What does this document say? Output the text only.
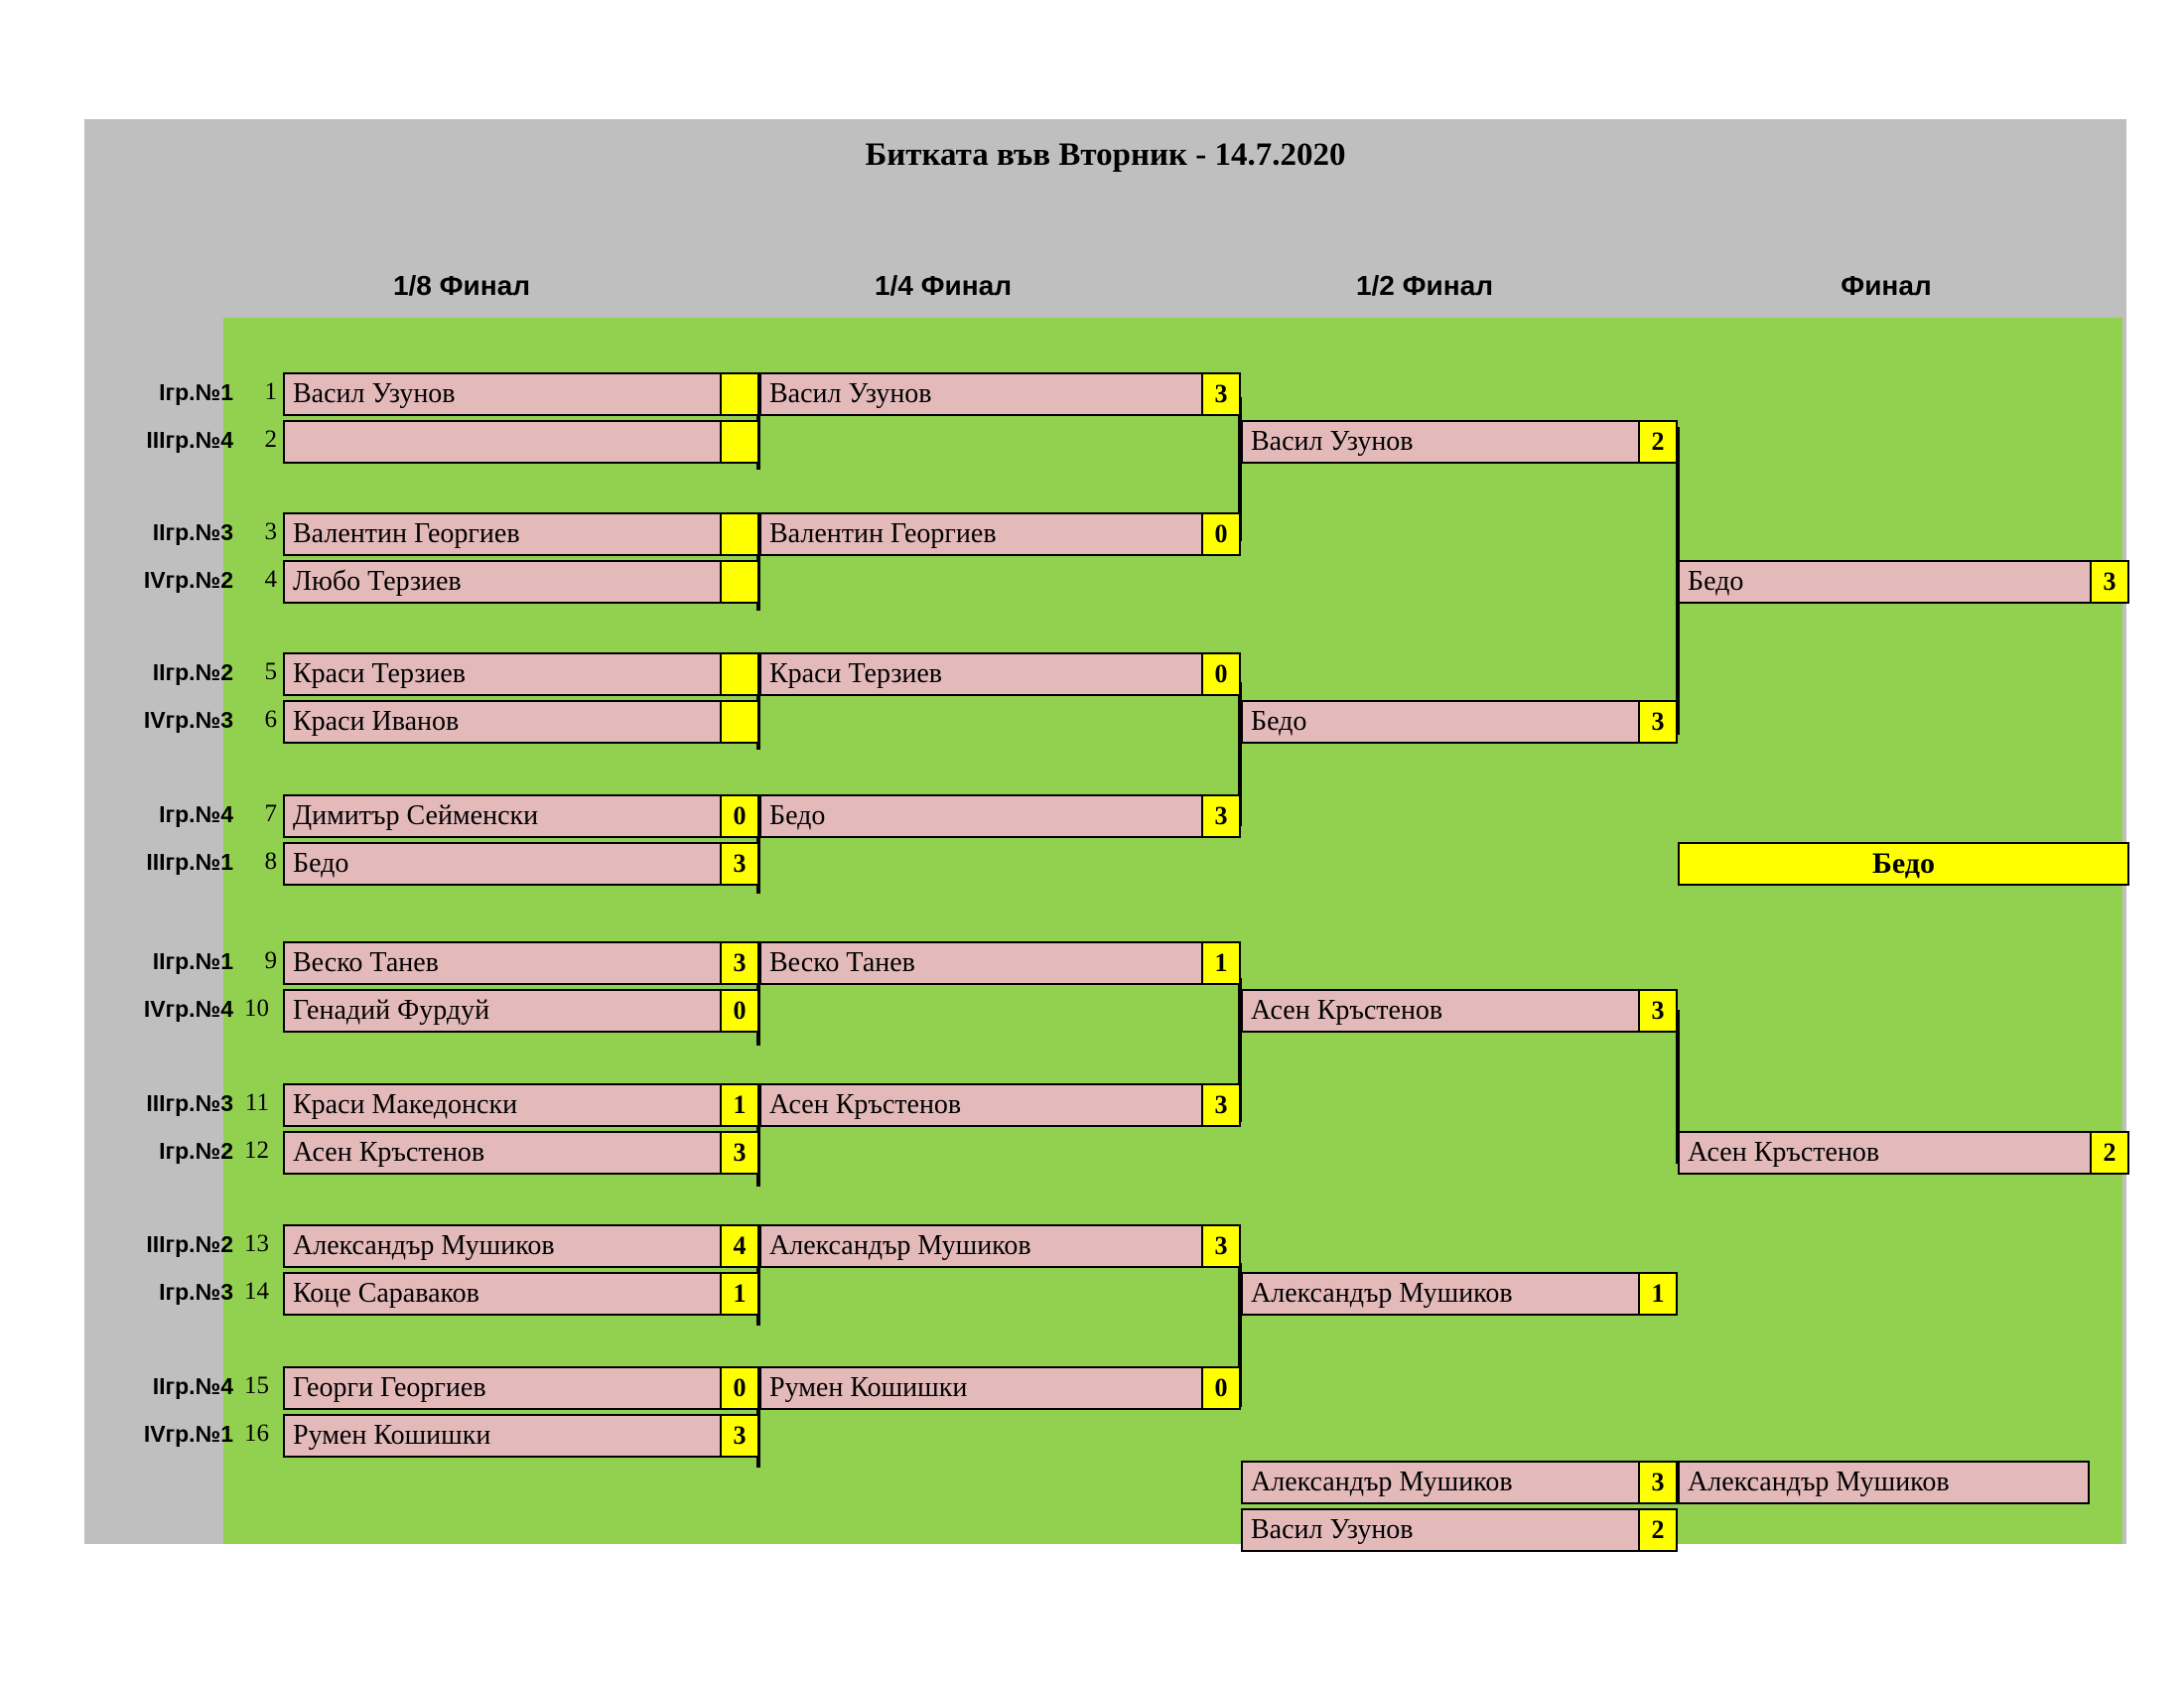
Битката във Вторник - 14.7.2020
1/8 Финал	1/4 Финал	1/2 Финал	Финал
Iгр.№1	1 Васил Узунов
IIIгр.№4	2
IIгр.№3	3 Валентин Георгиев
IVгр.№2	4 Любо Терзиев
IIгр.№2	5 Краси Терзиев
IVгр.№3	6 Краси Иванов
Iгр.№4	7 Димитър Сейменски	0
IIIгр.№1	8 Бедо	3
IIгр.№1	9 Веско Танев	3
IVгр.№4 10 Генадий Фурдуй	0
IIIгр.№3 11 Краси Македонски	1
Iгр.№2 12 Асен Кръстенов	3
IIIгр.№2 13 Александър Мушиков	4
Iгр.№3 14 Коце Сараваков	1
IIгр.№4 15 Георги Георгиев	0
IVгр.№1 16 Румен Кошишки	3
Васил Узунов	3
Валентин Георгиев	0
Краси Терзиев	0
Бедо	3
Веско Танев	1
Асен Кръстенов	3
Александър Мушиков	3
Румен Кошишки	0
Васил Узунов	2
Бедо	3
Асен Кръстенов	3
Александър Мушиков	1
Бедо	3
Асен Кръстенов	2
Бедо
Александър Мушиков	3
Васил Узунов	2
Александър Мушиков
